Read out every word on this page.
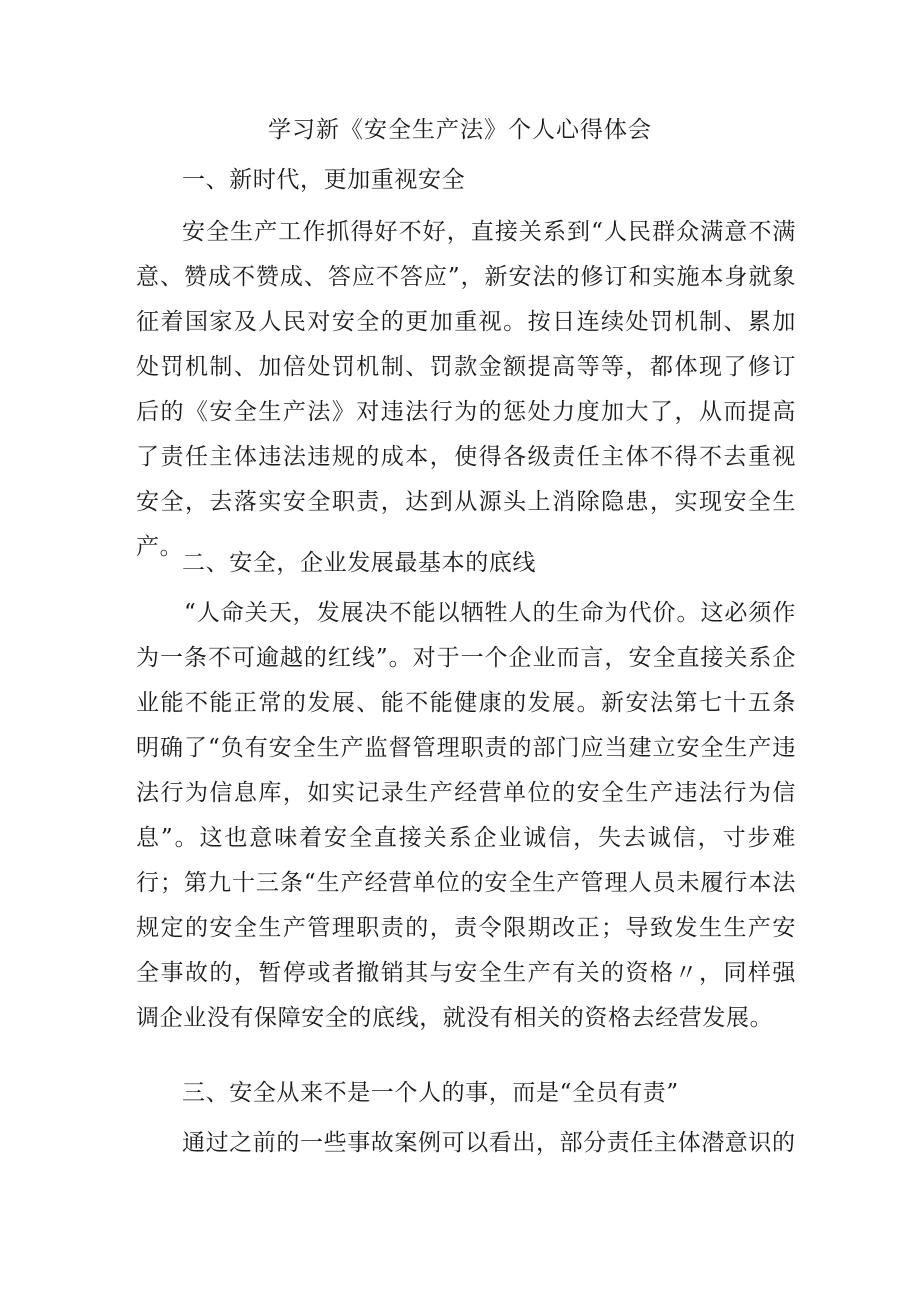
学习新《安全生产法》个人心得体会
一、新时代，更加重视安全
安全生产工作抓得好不好，直接关系到“人民群众满意不满意、赞成不赞成、答应不答应”，新安法的修订和实施本身就象征着国家及人民对安全的更加重视。按日连续处罚机制、累加处罚机制、加倍处罚机制、罚款金额提高等等，都体现了修订后的《安全生产法》对违法行为的惩处力度加大了，从而提高了责任主体违法违规的成本，使得各级责任主体不得不去重视安全，去落实安全职责，达到从源头上消除隐患，实现安全生产。
二、安全，企业发展最基本的底线
“人命关天，发展决不能以牺牲人的生命为代价。这必须作为一条不可逾越的红线”。对于一个企业而言，安全直接关系企业能不能正常的发展、能不能健康的发展。新安法第七十五条明确了“负有安全生产监督管理职责的部门应当建立安全生产违法行为信息库，如实记录生产经营单位的安全生产违法行为信息”。这也意味着安全直接关系企业诚信，失去诚信，寸步难行；第九十三条“生产经营单位的安全生产管理人员未履行本法规定的安全生产管理职责的，责令限期改正；导致发生生产安全事故的，暂停或者撤销其与安全生产有关的资格〃，同样强调企业没有保障安全的底线，就没有相关的资格去经营发展。
三、安全从来不是一个人的事，而是“全员有责”
通过之前的一些事故案例可以看出，部分责任主体潜意识的
